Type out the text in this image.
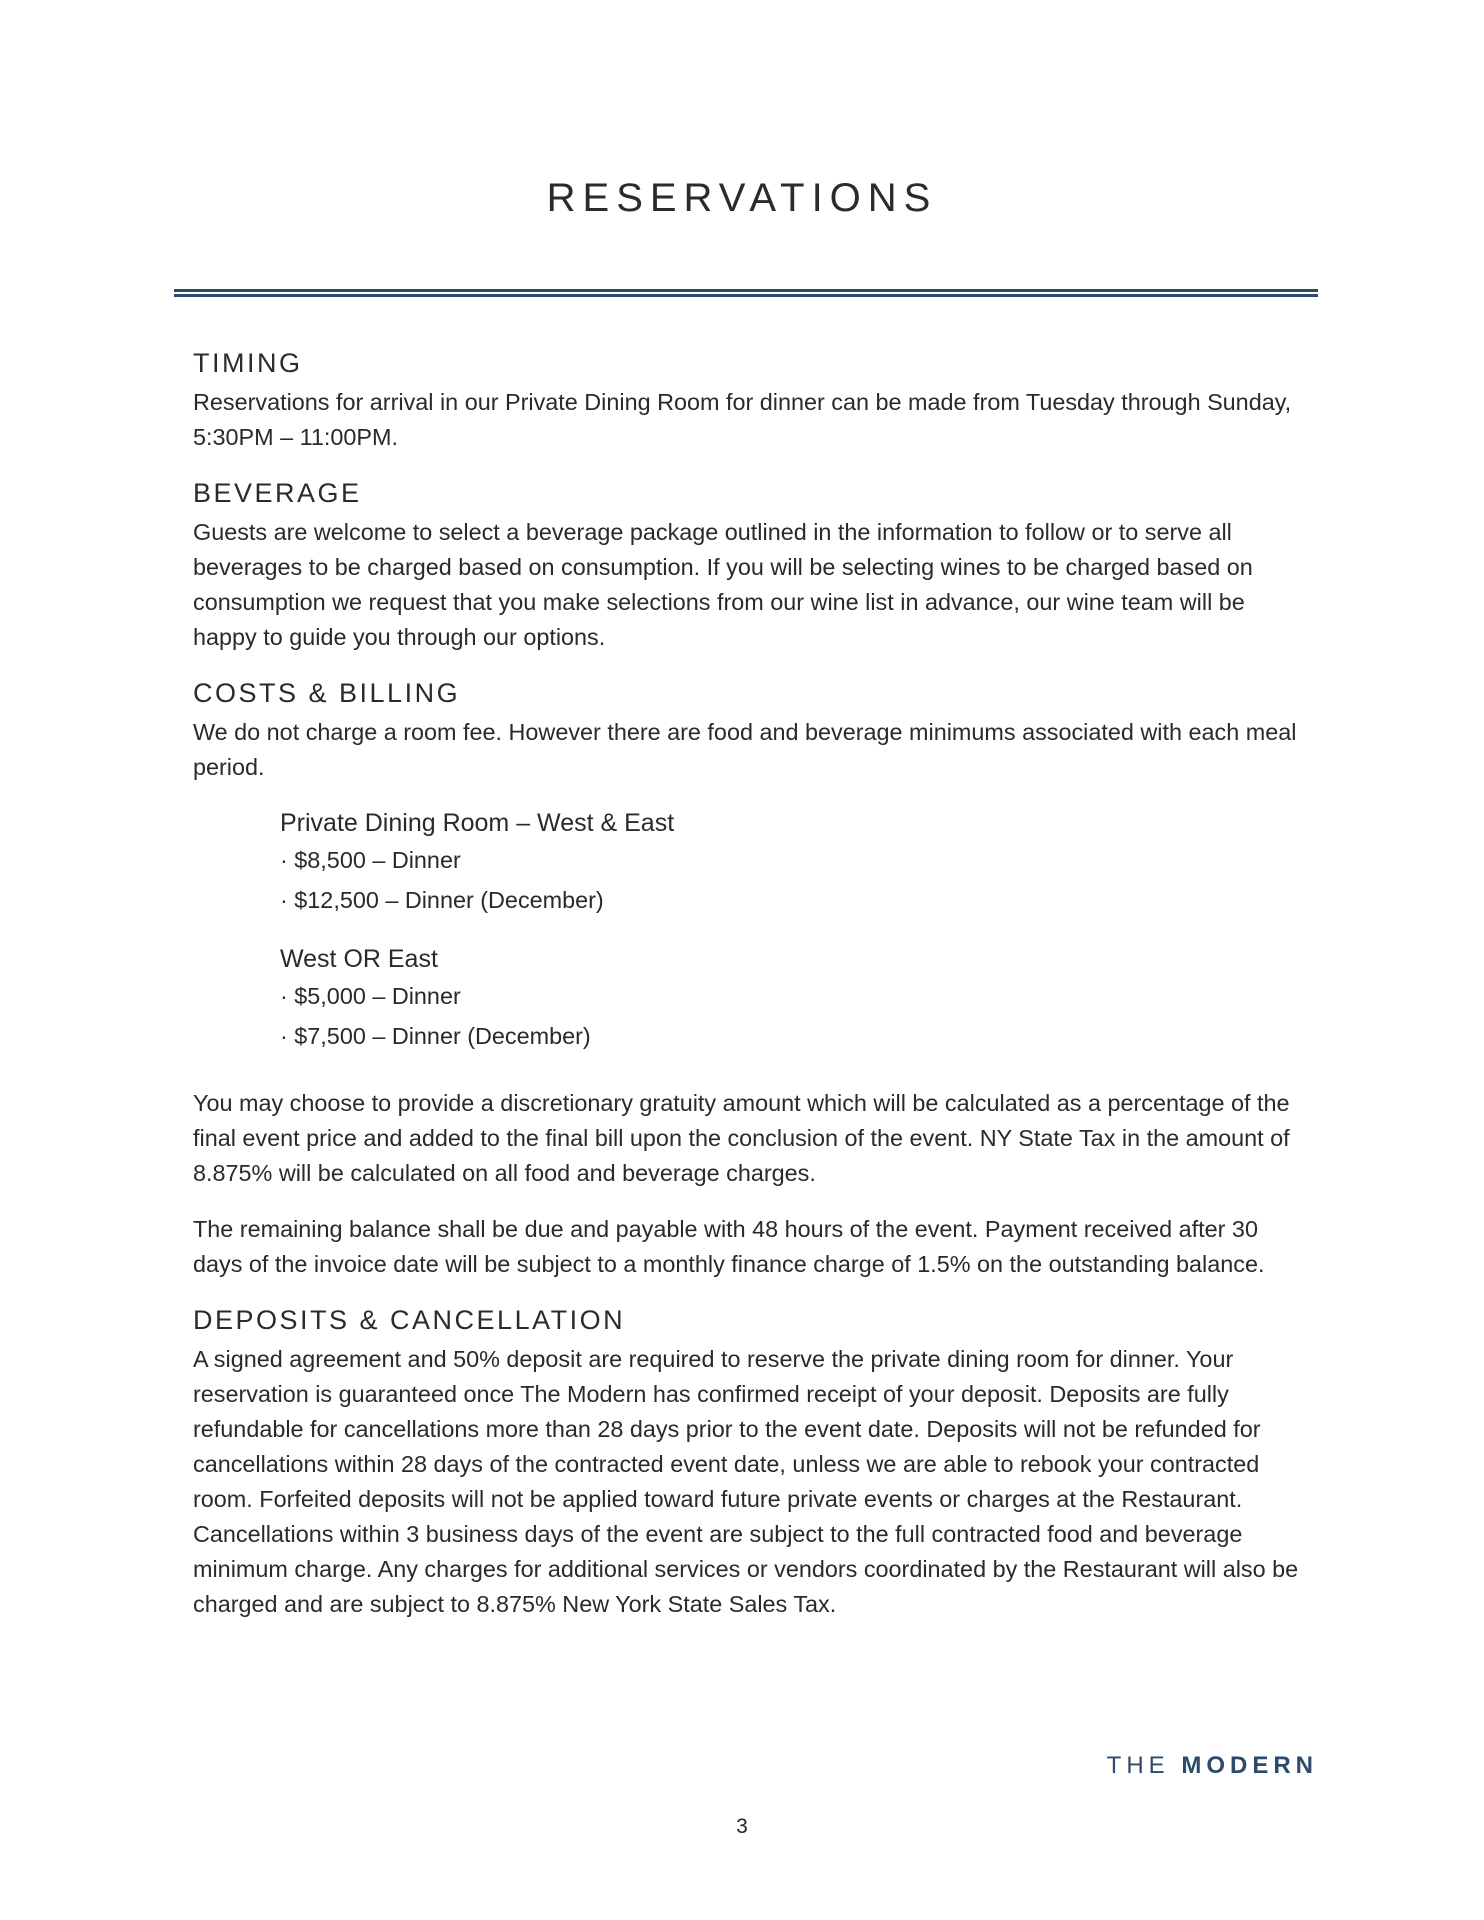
RESERVATIONS
TIMING

Reservations for arrival in our Private Dining Room for dinner can be made from Tuesday through Sunday, 5:30PM – 11:00PM.

BEVERAGE

Guests are welcome to select a beverage package outlined in the information to follow or to serve all beverages to be charged based on consumption. If you will be selecting wines to be charged based on consumption we request that you make selections from our wine list in advance, our wine team will be happy to guide you through our options.

COSTS & BILLING

We do not charge a room fee. However there are food and beverage minimums associated with each meal period.

Private Dining Room – West & East
· $8,500 – Dinner
· $12,500 – Dinner (December)
West OR East
· $5,000 – Dinner
· $7,500 – Dinner (December)

You may choose to provide a discretionary gratuity amount which will be calculated as a percentage of the final event price and added to the final bill upon the conclusion of the event. NY State Tax in the amount of 8.875% will be calculated on all food and beverage charges.

The remaining balance shall be due and payable with 48 hours of the event. Payment received after 30 days of the invoice date will be subject to a monthly finance charge of 1.5% on the outstanding balance.

DEPOSITS & CANCELLATION

A signed agreement and 50% deposit are required to reserve the private dining room for dinner. Your reservation is guaranteed once The Modern has confirmed receipt of your deposit. Deposits are fully refundable for cancellations more than 28 days prior to the event date. Deposits will not be refunded for cancellations within 28 days of the contracted event date, unless we are able to rebook your contracted room. Forfeited deposits will not be applied toward future private events or charges at the Restaurant. Cancellations within 3 business days of the event are subject to the full contracted food and beverage minimum charge. Any charges for additional services or vendors coordinated by the Restaurant will also be charged and are subject to 8.875% New York State Sales Tax.

THE MODERN
3
